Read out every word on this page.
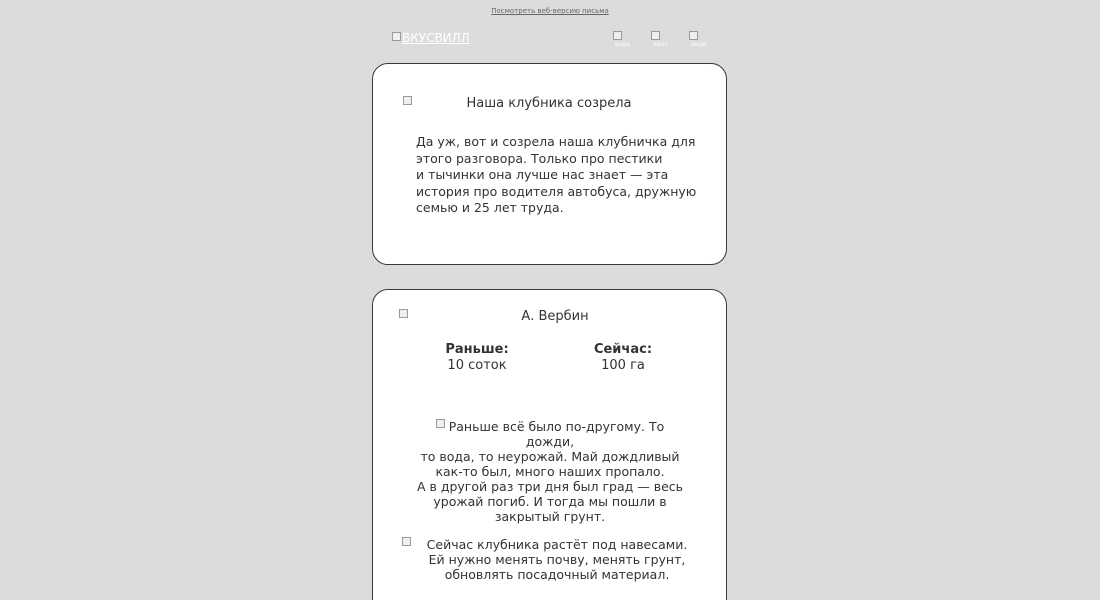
Посмотреть веб-версию письма
ВКУСВИЛЛ	вода	конт	акци
Наша клубника созрела
Да уж, вот и созрела наша клубничка для
этого разговора. Только про пестики
и тычинки она лучше нас знает — эта
история про водителя автобуса, дружную
семью и 25 лет труда.
А. Вербин
Раньше:
10 соток
Сейчас:
100 га
Раньше всё было по-другому. То дожди,
то вода, то неурожай. Май дождливый
как-то был, много наших пропало.
А в другой раз три дня был град — весь
урожай погиб. И тогда мы пошли в
закрытый грунт.
Сейчас клубника растёт под навесами.
Ей нужно менять почву, менять грунт,
обновлять посадочный материал.
